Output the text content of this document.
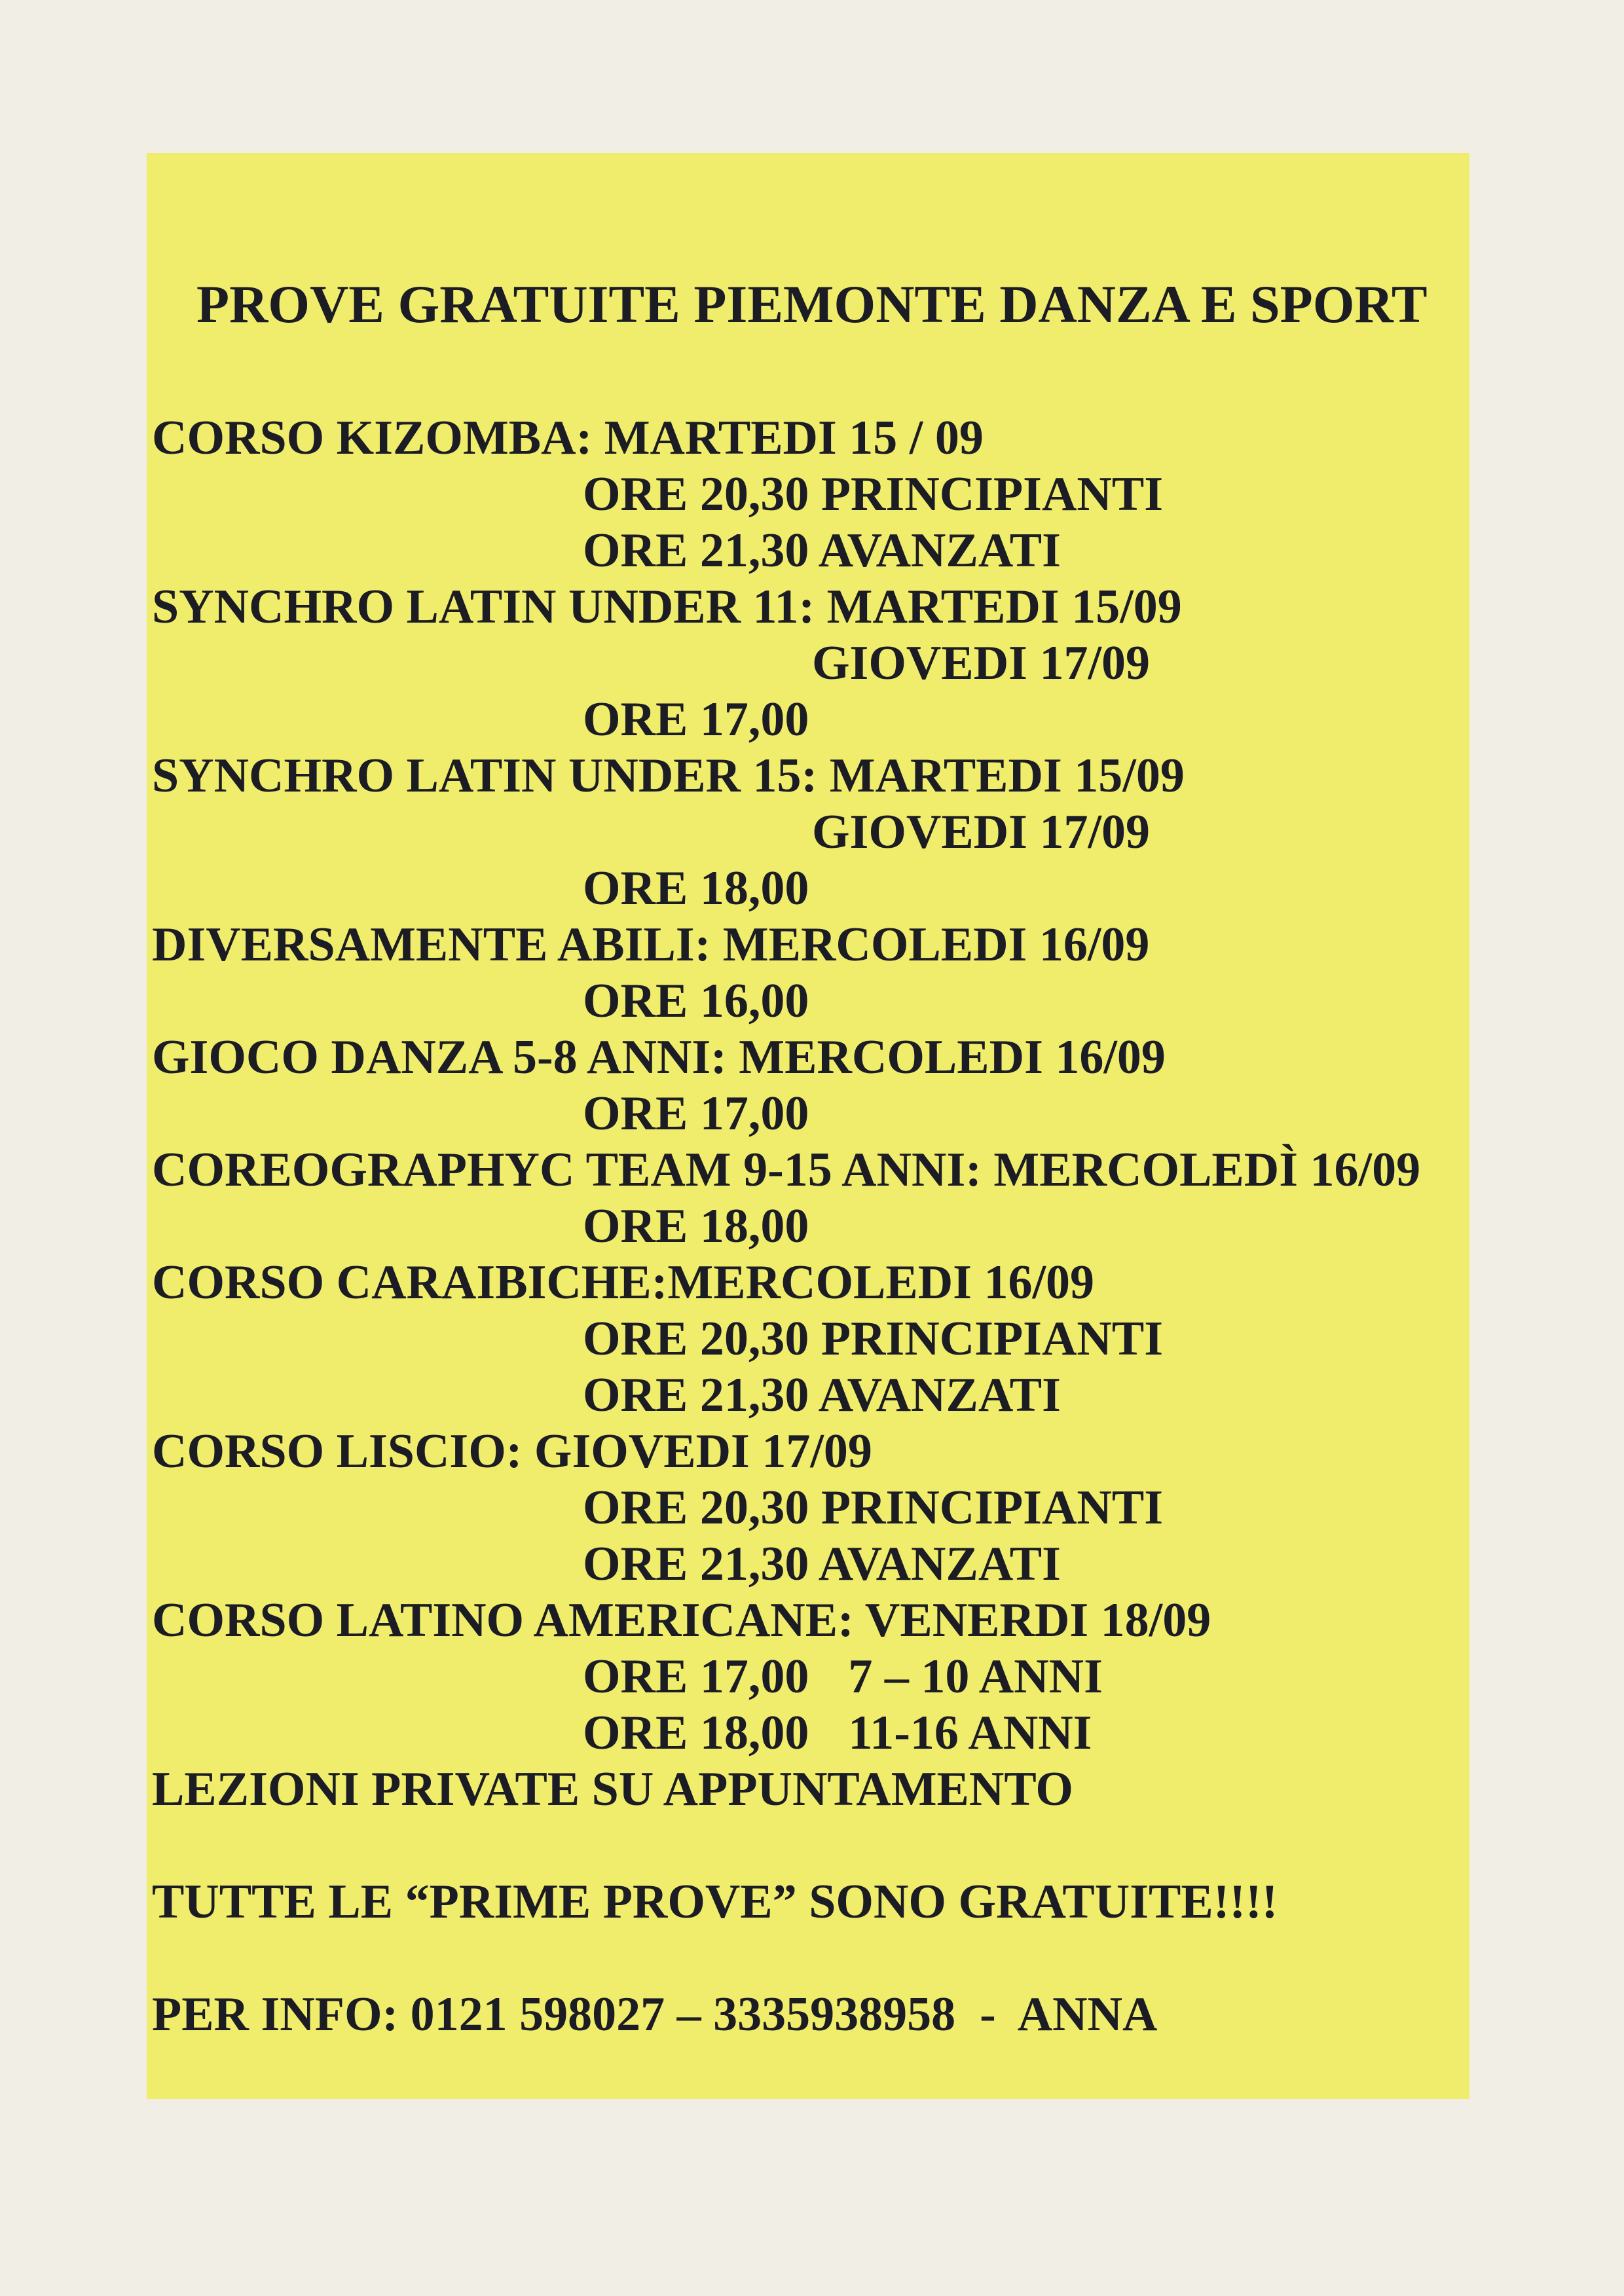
PROVE GRATUITE PIEMONTE DANZA E SPORT
CORSO KIZOMBA: MARTEDI 15 / 09
ORE 20,30 PRINCIPIANTI
ORE 21,30 AVANZATI
SYNCHRO LATIN UNDER 11: MARTEDI 15/09
GIOVEDI 17/09
ORE 17,00
SYNCHRO LATIN UNDER 15: MARTEDI 15/09
GIOVEDI 17/09
ORE 18,00
DIVERSAMENTE ABILI: MERCOLEDI 16/09
ORE 16,00
GIOCO DANZA 5-8 ANNI: MERCOLEDI 16/09
ORE 17,00
COREOGRAPHYC TEAM 9-15 ANNI: MERCOLEDÌ 16/09
ORE 18,00
CORSO CARAIBICHE:MERCOLEDI 16/09
ORE 20,30 PRINCIPIANTI
ORE 21,30 AVANZATI
CORSO LISCIO: GIOVEDI 17/09
ORE 20,30 PRINCIPIANTI
ORE 21,30 AVANZATI
CORSO LATINO AMERICANE: VENERDI 18/09
ORE 17,00 7 – 10 ANNI
ORE 18,00 11-16 ANNI
LEZIONI PRIVATE SU APPUNTAMENTO
TUTTE LE “PRIME PROVE” SONO GRATUITE!!!!
PER INFO: 0121 598027 – 3335938958  -  ANNA
